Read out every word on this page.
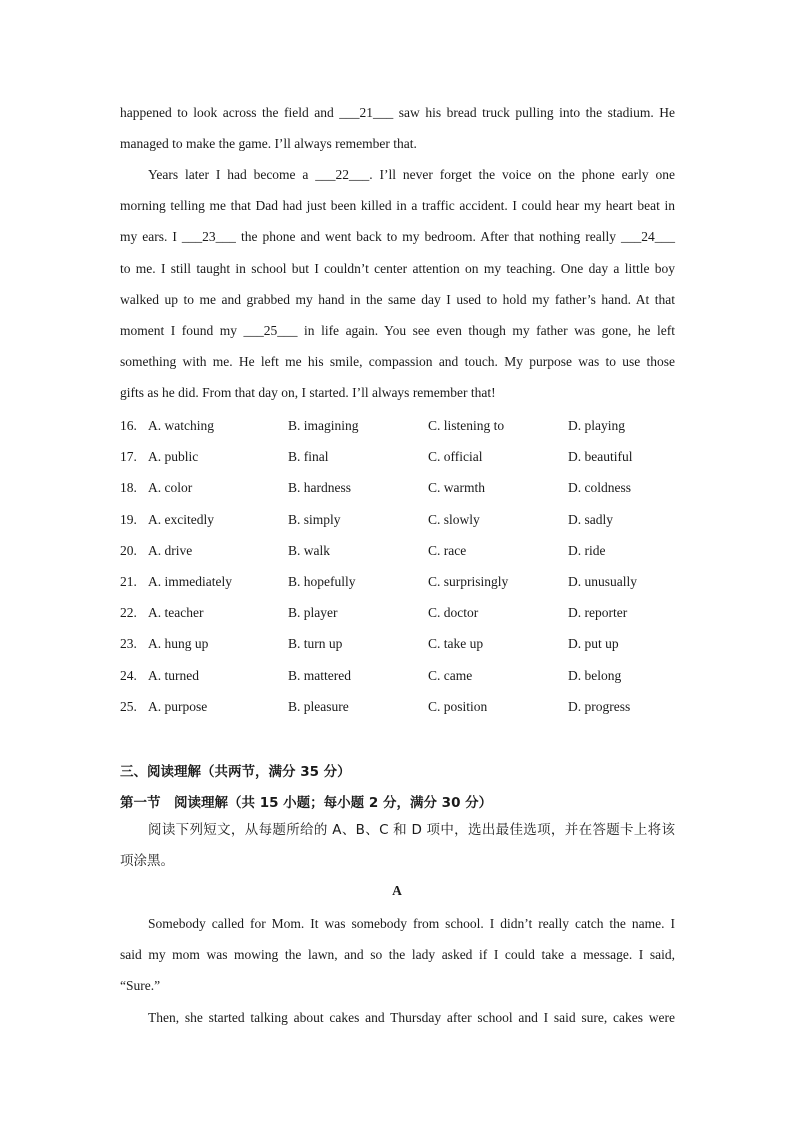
happened to look across the field and ___21___ saw his bread truck pulling into the stadium. He
managed to make the game. I’ll always remember that.
Years later I had become a ___22___. I’ll never forget the voice on the phone early one
morning telling me that Dad had just been killed in a traffic accident. I could hear my heart beat in
my ears. I ___23___ the phone and went back to my bedroom. After that nothing really ___24___
to me. I still taught in school but I couldn’t center attention on my teaching. One day a little boy
walked up to me and grabbed my hand in the same day I used to hold my father’s hand. At that
moment I found my ___25___ in life again. You see even though my father was gone, he left
something with me. He left me his smile, compassion and touch. My purpose was to use those
gifts as he did. From that day on, I started. I’ll always remember that!
16. A. watching	B. imagining	C. listening to	D. playing
17. A. public	B. final	C. official	D. beautiful
18. A. color	B. hardness	C. warmth	D. coldness
19. A. excitedly	B. simply	C. slowly	D. sadly
20. A. drive	B. walk	C. race	D. ride
21. A. immediately	B. hopefully	C. surprisingly	D. unusually
22. A. teacher	B. player	C. doctor	D. reporter
23. A. hung up	B. turn up	C. take up	D. put up
24. A. turned	B. mattered	C. came	D. belong
25. A. purpose	B. pleasure	C. position	D. progress
三、阅读理解（共两节，满分 35 分）
第一节　阅读理解（共 15 小题；每小题 2 分，满分 30 分）
阅读下列短文，从每题所给的 A、B、C 和 D 项中，选出最佳选项，并在答题卡上将该
项涂黑。
A
Somebody called for Mom. It was somebody from school. I didn’t really catch the name. I
said my mom was mowing the lawn, and so the lady asked if I could take a message. I said,
“Sure.”
Then, she started talking about cakes and Thursday after school and I said sure, cakes were
